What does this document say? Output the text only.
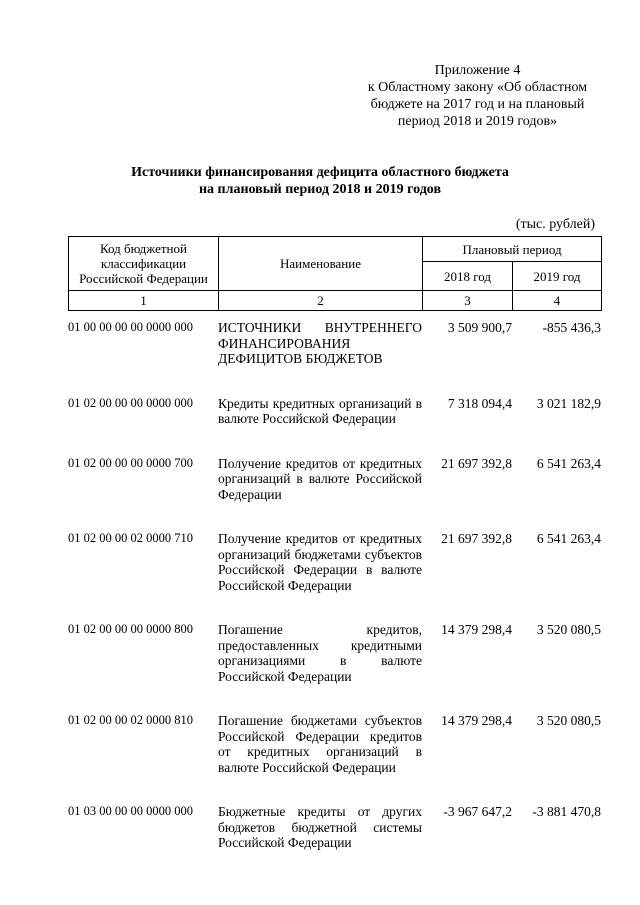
Приложение 4
к Областному закону «Об областном
бюджете на 2017 год и на плановый
период 2018 и 2019 годов»
Источники финансирования дефицита областного бюджета
на плановый период 2018 и 2019 годов
(тыс. рублей)
Код бюджетной классификации Российской Федерации	Наименование	Плановый период	
		2018 год	2019 год
1	2	3	4
01 00 00 00 00 0000 000	ИСТОЧНИКИ ВНУТРЕННЕГО ФИНАНСИРОВАНИЯ ДЕФИЦИТОВ БЮДЖЕТОВ	3 509 900,7	-855 436,3

01 02 00 00 00 0000 000	Кредиты кредитных организаций в валюте Российской Федерации	7 318 094,4	3 021 182,9

01 02 00 00 00 0000 700	Получение кредитов от кредитных организаций в валюте Российской Федерации	21 697 392,8	6 541 263,4

01 02 00 00 02 0000 710	Получение кредитов от кредитных организаций бюджетами субъектов Российской Федерации в валюте Российской Федерации	21 697 392,8	6 541 263,4

01 02 00 00 00 0000 800	Погашение кредитов, предоставленных кредитными организациями в валюте Российской Федерации	14 379 298,4	3 520 080,5

01 02 00 00 02 0000 810	Погашение бюджетами субъектов Российской Федерации кредитов от кредитных организаций в валюте Российской Федерации	14 379 298,4	3 520 080,5

01 03 00 00 00 0000 000	Бюджетные кредиты от других бюджетов бюджетной системы Российской Федерации	-3 967 647,2	-3 881 470,8
